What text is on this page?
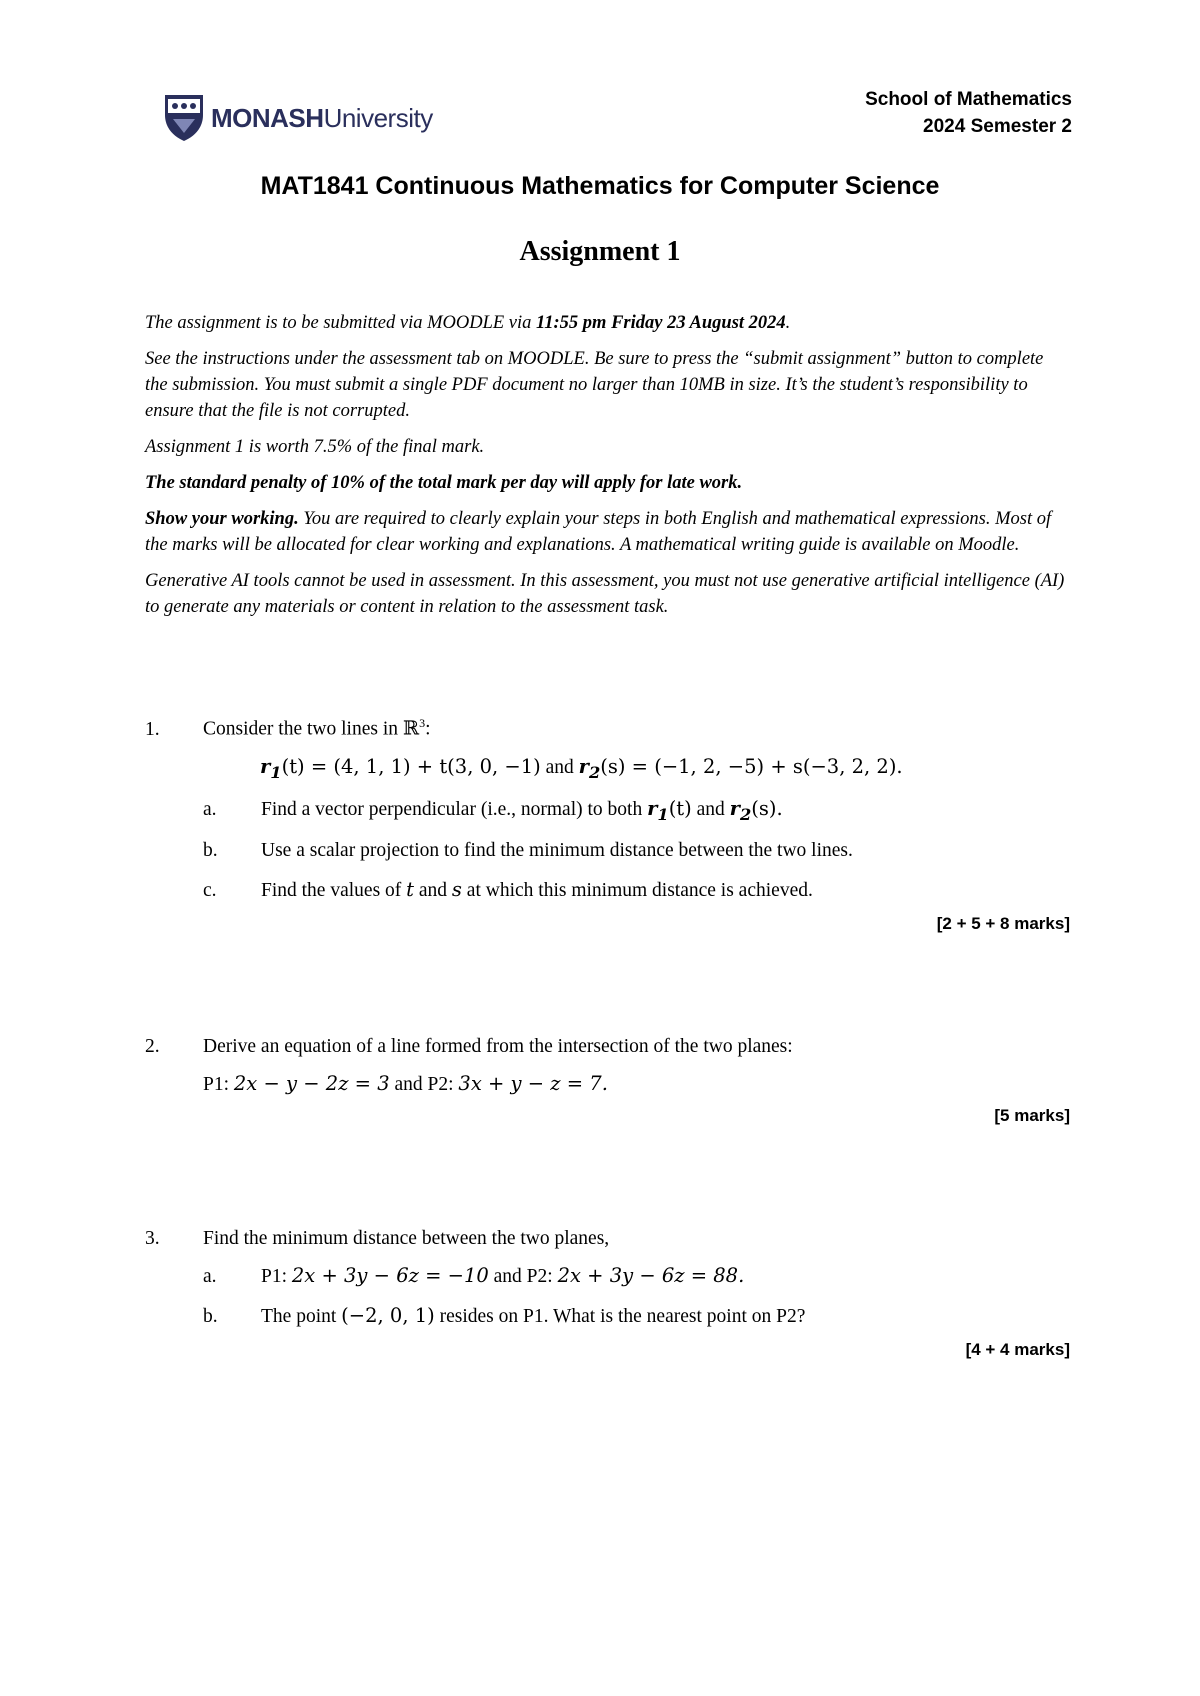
MONASHUniversity
School of Mathematics
2024 Semester 2
MAT1841 Continuous Mathematics for Computer Science
Assignment 1

The assignment is to be submitted via MOODLE via 11:55 pm Friday 23 August 2024.

See the instructions under the assessment tab on MOODLE. Be sure to press the “submit assignment” button to complete the submission. You must submit a single PDF document no larger than 10MB in size. It’s the student’s responsibility to ensure that the file is not corrupted.

Assignment 1 is worth 7.5% of the final mark.

The standard penalty of 10% of the total mark per day will apply for late work.

Show your working. You are required to clearly explain your steps in both English and mathematical expressions. Most of the marks will be allocated for clear working and explanations. A mathematical writing guide is available on Moodle.

Generative AI tools cannot be used in assessment. In this assessment, you must not use generative artificial intelligence (AI) to generate any materials or content in relation to the assessment task.

1.	Consider the two lines in ℝ$^3$:
$r_1(t) = (4$, 1, 1) + t(3, 0, −1) and $r_2(s) = (-1$, 2, −5) + s(−3, 2, 2).
a.	Find a vector perpendicular (i.e., normal) to both $r_1(t)$ and $r_2(s)$.
b.	Use a scalar projection to find the minimum distance between the two lines.
c.	Find the values of t and s at which this minimum distance is achieved.
[2 + 5 + 8 marks]
2.	Derive an equation of a line formed from the intersection of the two planes:
P1: 2x − y − 2z = 3 and P2: 3x + y − z = 7.
[5 marks]
3.	Find the minimum distance between the two planes,
a.	P1: 2x + 3y − 6z = −10 and P2: 2x + 3y − 6z = 88.
b.	The point (−2, 0, 1) resides on P1. What is the nearest point on P2?
[4 + 4 marks]
